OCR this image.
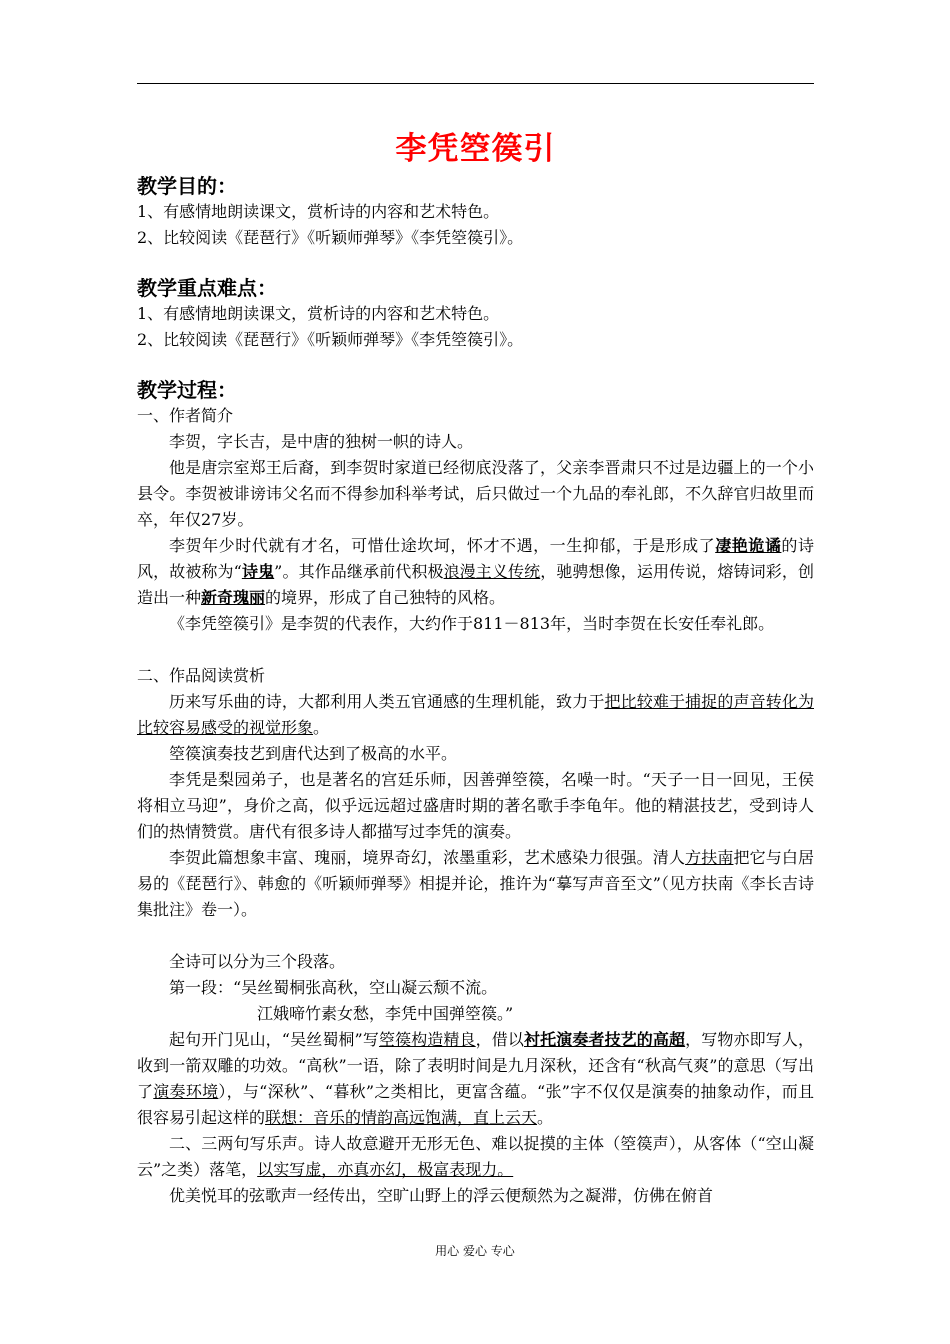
李凭箜篌引
教学目的：

1、有感情地朗读课文，赏析诗的内容和艺术特色。

2、比较阅读《琵琶行》《听颖师弹琴》《李凭箜篌引》。

教学重点难点：

1、有感情地朗读课文，赏析诗的内容和艺术特色。

2、比较阅读《琵琶行》《听颖师弹琴》《李凭箜篌引》。

教学过程：

一、作者简介

李贺，字长吉，是中唐的独树一帜的诗人。

他是唐宗室郑王后裔，到李贺时家道已经彻底没落了，父亲李晋肃只不过是边疆上的一个小县令。李贺被诽谤讳父名而不得参加科举考试，后只做过一个九品的奉礼郎，不久辞官归故里而卒，年仅27岁。

李贺年少时代就有才名，可惜仕途坎坷，怀才不遇，一生抑郁，于是形成了凄艳诡谲的诗风，故被称为“诗鬼”。其作品继承前代积极浪漫主义传统，驰骋想像，运用传说，熔铸词彩，创造出一种新奇瑰丽的境界，形成了自己独特的风格。

《李凭箜篌引》是李贺的代表作，大约作于811－813年，当时李贺在长安任奉礼郎。

二、作品阅读赏析

历来写乐曲的诗，大都利用人类五官通感的生理机能，致力于把比较难于捕捉的声音转化为比较容易感受的视觉形象。

箜篌演奏技艺到唐代达到了极高的水平。

李凭是梨园弟子，也是著名的宫廷乐师，因善弹箜篌，名噪一时。“天子一日一回见，王侯将相立马迎”，身价之高，似乎远远超过盛唐时期的著名歌手李龟年。他的精湛技艺，受到诗人们的热情赞赏。唐代有很多诗人都描写过李凭的演奏。

李贺此篇想象丰富、瑰丽，境界奇幻，浓墨重彩，艺术感染力很强。清人方扶南把它与白居易的《琵琶行》、韩愈的《听颖师弹琴》相提并论，推许为“摹写声音至文”（见方扶南《李长吉诗集批注》卷一）。

全诗可以分为三个段落。

第一段：“吴丝蜀桐张高秋，空山凝云颓不流。

江娥啼竹素女愁，李凭中国弹箜篌。”

起句开门见山，“吴丝蜀桐”写箜篌构造精良，借以衬托演奏者技艺的高超，写物亦即写人，收到一箭双雕的功效。“高秋”一语，除了表明时间是九月深秋，还含有“秋高气爽”的意思（写出了演奏环境），与“深秋”、“暮秋”之类相比，更富含蕴。“张”字不仅仅是演奏的抽象动作，而且很容易引起这样的联想：音乐的情韵高远饱满，直上云天。

二、三两句写乐声。诗人故意避开无形无色、难以捉摸的主体（箜篌声），从客体（“空山凝云”之类）落笔，以实写虚，亦真亦幻，极富表现力。

优美悦耳的弦歌声一经传出，空旷山野上的浮云便颓然为之凝滞，仿佛在俯首

用心 爱心 专心
